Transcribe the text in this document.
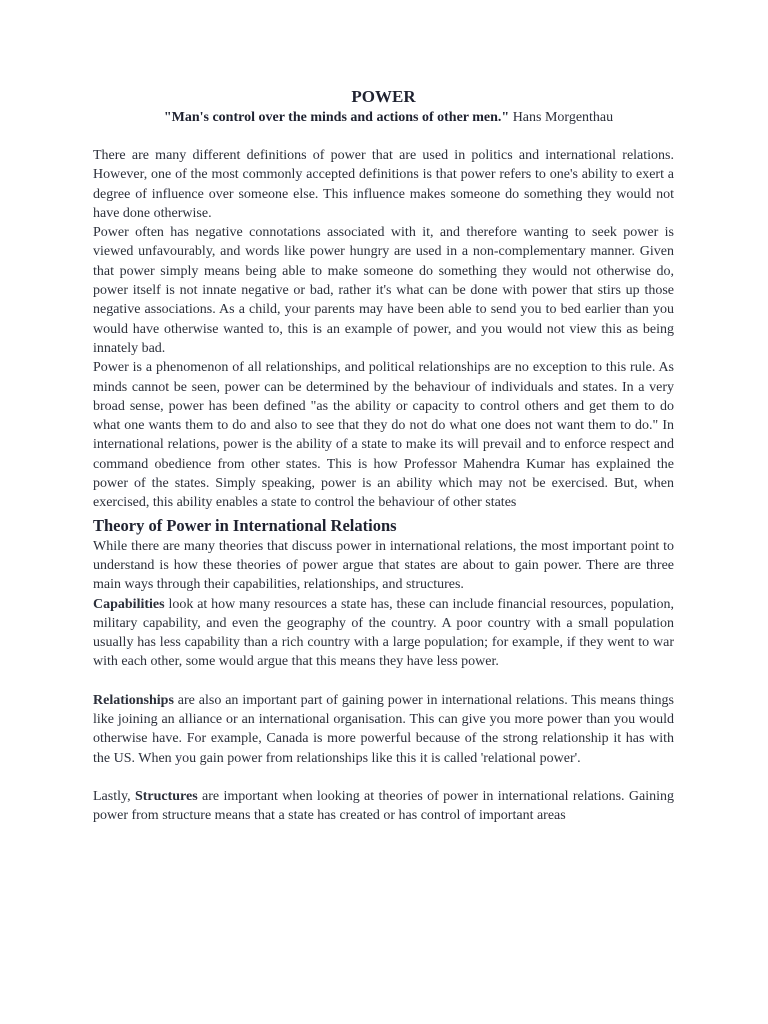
POWER
"Man's control over the minds and actions of other men." Hans Morgenthau

There are many different definitions of power that are used in politics and international relations. However, one of the most commonly accepted definitions is that power refers to one's ability to exert a degree of influence over someone else. This influence makes someone do something they would not have done otherwise.

Power often has negative connotations associated with it, and therefore wanting to seek power is viewed unfavourably, and words like power hungry are used in a non-complementary manner. Given that power simply means being able to make someone do something they would not otherwise do, power itself is not innate negative or bad, rather it's what can be done with power that stirs up those negative associations. As a child, your parents may have been able to send you to bed earlier than you would have otherwise wanted to, this is an example of power, and you would not view this as being innately bad.

Power is a phenomenon of all relationships, and political relationships are no exception to this rule. As minds cannot be seen, power can be determined by the behaviour of individuals and states. In a very broad sense, power has been defined "as the ability or capacity to control others and get them to do what one wants them to do and also to see that they do not do what one does not want them to do." In international relations, power is the ability of a state to make its will prevail and to enforce respect and command obedience from other states. This is how Professor Mahendra Kumar has explained the power of the states. Simply speaking, power is an ability which may not be exercised. But, when exercised, this ability enables a state to control the behaviour of other states

Theory of Power in International Relations

While there are many theories that discuss power in international relations, the most important point to understand is how these theories of power argue that states are about to gain power. There are three main ways through their capabilities, relationships, and structures.

Capabilities look at how many resources a state has, these can include financial resources, population, military capability, and even the geography of the country. A poor country with a small population usually has less capability than a rich country with a large population; for example, if they went to war with each other, some would argue that this means they have less power.

Relationships are also an important part of gaining power in international relations. This means things like joining an alliance or an international organisation. This can give you more power than you would otherwise have. For example, Canada is more powerful because of the strong relationship it has with the US. When you gain power from relationships like this it is called 'relational power'.

Lastly, Structures are important when looking at theories of power in international relations. Gaining power from structure means that a state has created or has control of important areas
